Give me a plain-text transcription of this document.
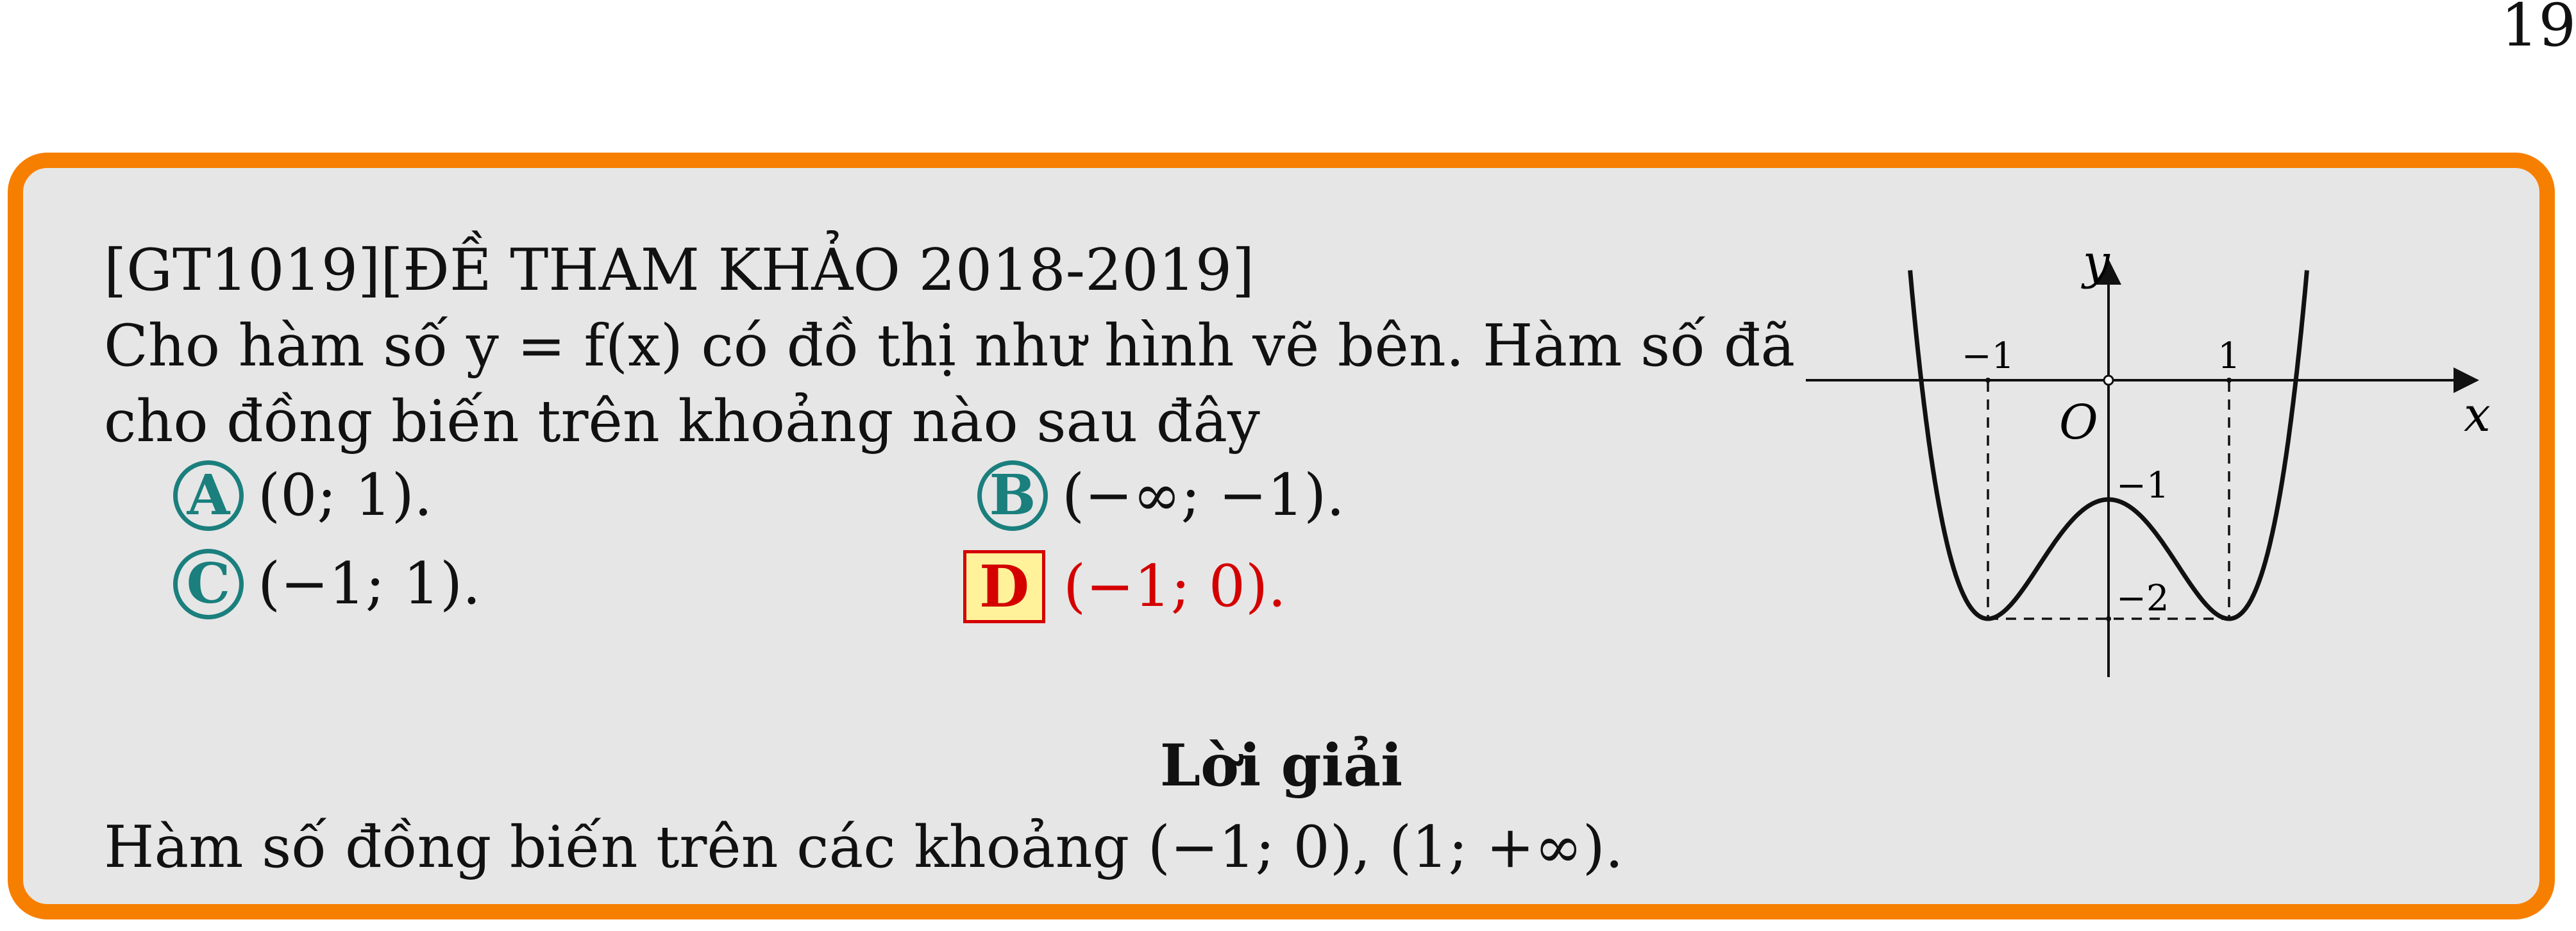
19
[GT1019][ĐỀ THAM KHẢO 2018-2019]
Cho hàm số y = f(x) có đồ thị như hình vẽ bên. Hàm số đã
cho đồng biến trên khoảng nào sau đây
A (0; 1).	B (−∞; −1).
C (−1; 1).	D (−1; 0).
y
x
O
−1	1
−1
−2
Lời giải
Hàm số đồng biến trên các khoảng (−1; 0), (1; +∞).
